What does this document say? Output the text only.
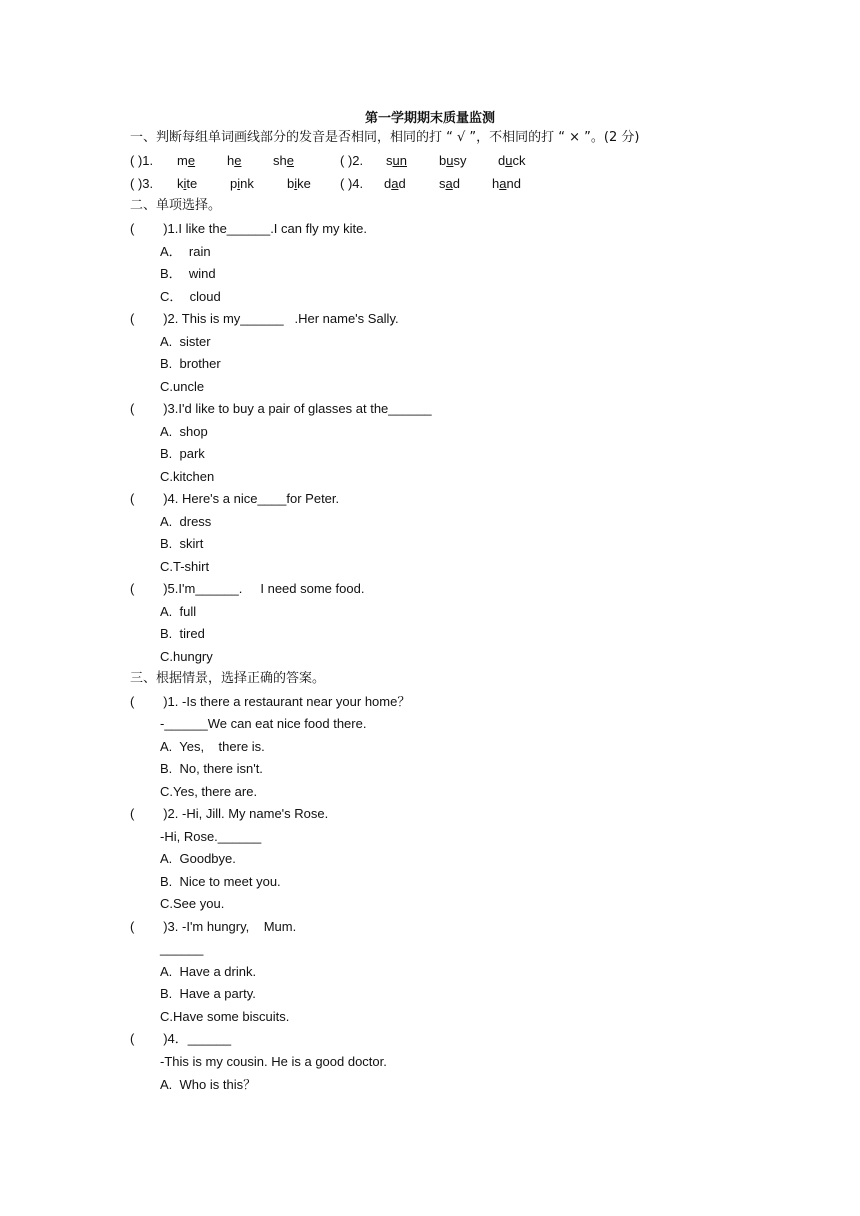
第一学期期末质量监测
一、判断每组单词画线部分的发音是否相同，相同的打 “ √ ”，不相同的打 “ × ”。(2 分)
( )1. me he she	( )2. sun busy duck
( )3. kite	pink	bike ( )4. dad	sad hand
二、单项选择。
(        )1.I like the______.I can fly my kite.
A．  rain
B．  wind
C．  cloud
(        )2. This is my______   .Her name's Sally.
A.  sister
B.  brother
C.uncle
(        )3.I'd like to buy a pair of glasses at the______
A.  shop
B.  park
C.kitchen
(        )4. Here's a nice____for Peter.
A.  dress
B.  skirt
C.T-shirt
(        )5.I'm______.     I need some food.
A.  full
B.  tired
C.hungry
三、根据情景，选择正确的答案。
(        )1. -Is there a restaurant near your home？
-______We can eat nice food there.
A.  Yes,    there is.
B.  No, there isn't.
C.Yes, there are.
(        )2. -Hi, Jill. My name's Rose.
-Hi, Rose.______
A.  Goodbye.
B.  Nice to meet you.
C.See you.
(        )3. -I'm hungry,    Mum.
______
A.  Have a drink.
B.  Have a party.
C.Have some biscuits.
(        )4．______
-This is my cousin. He is a good doctor.
A.  Who is this？
